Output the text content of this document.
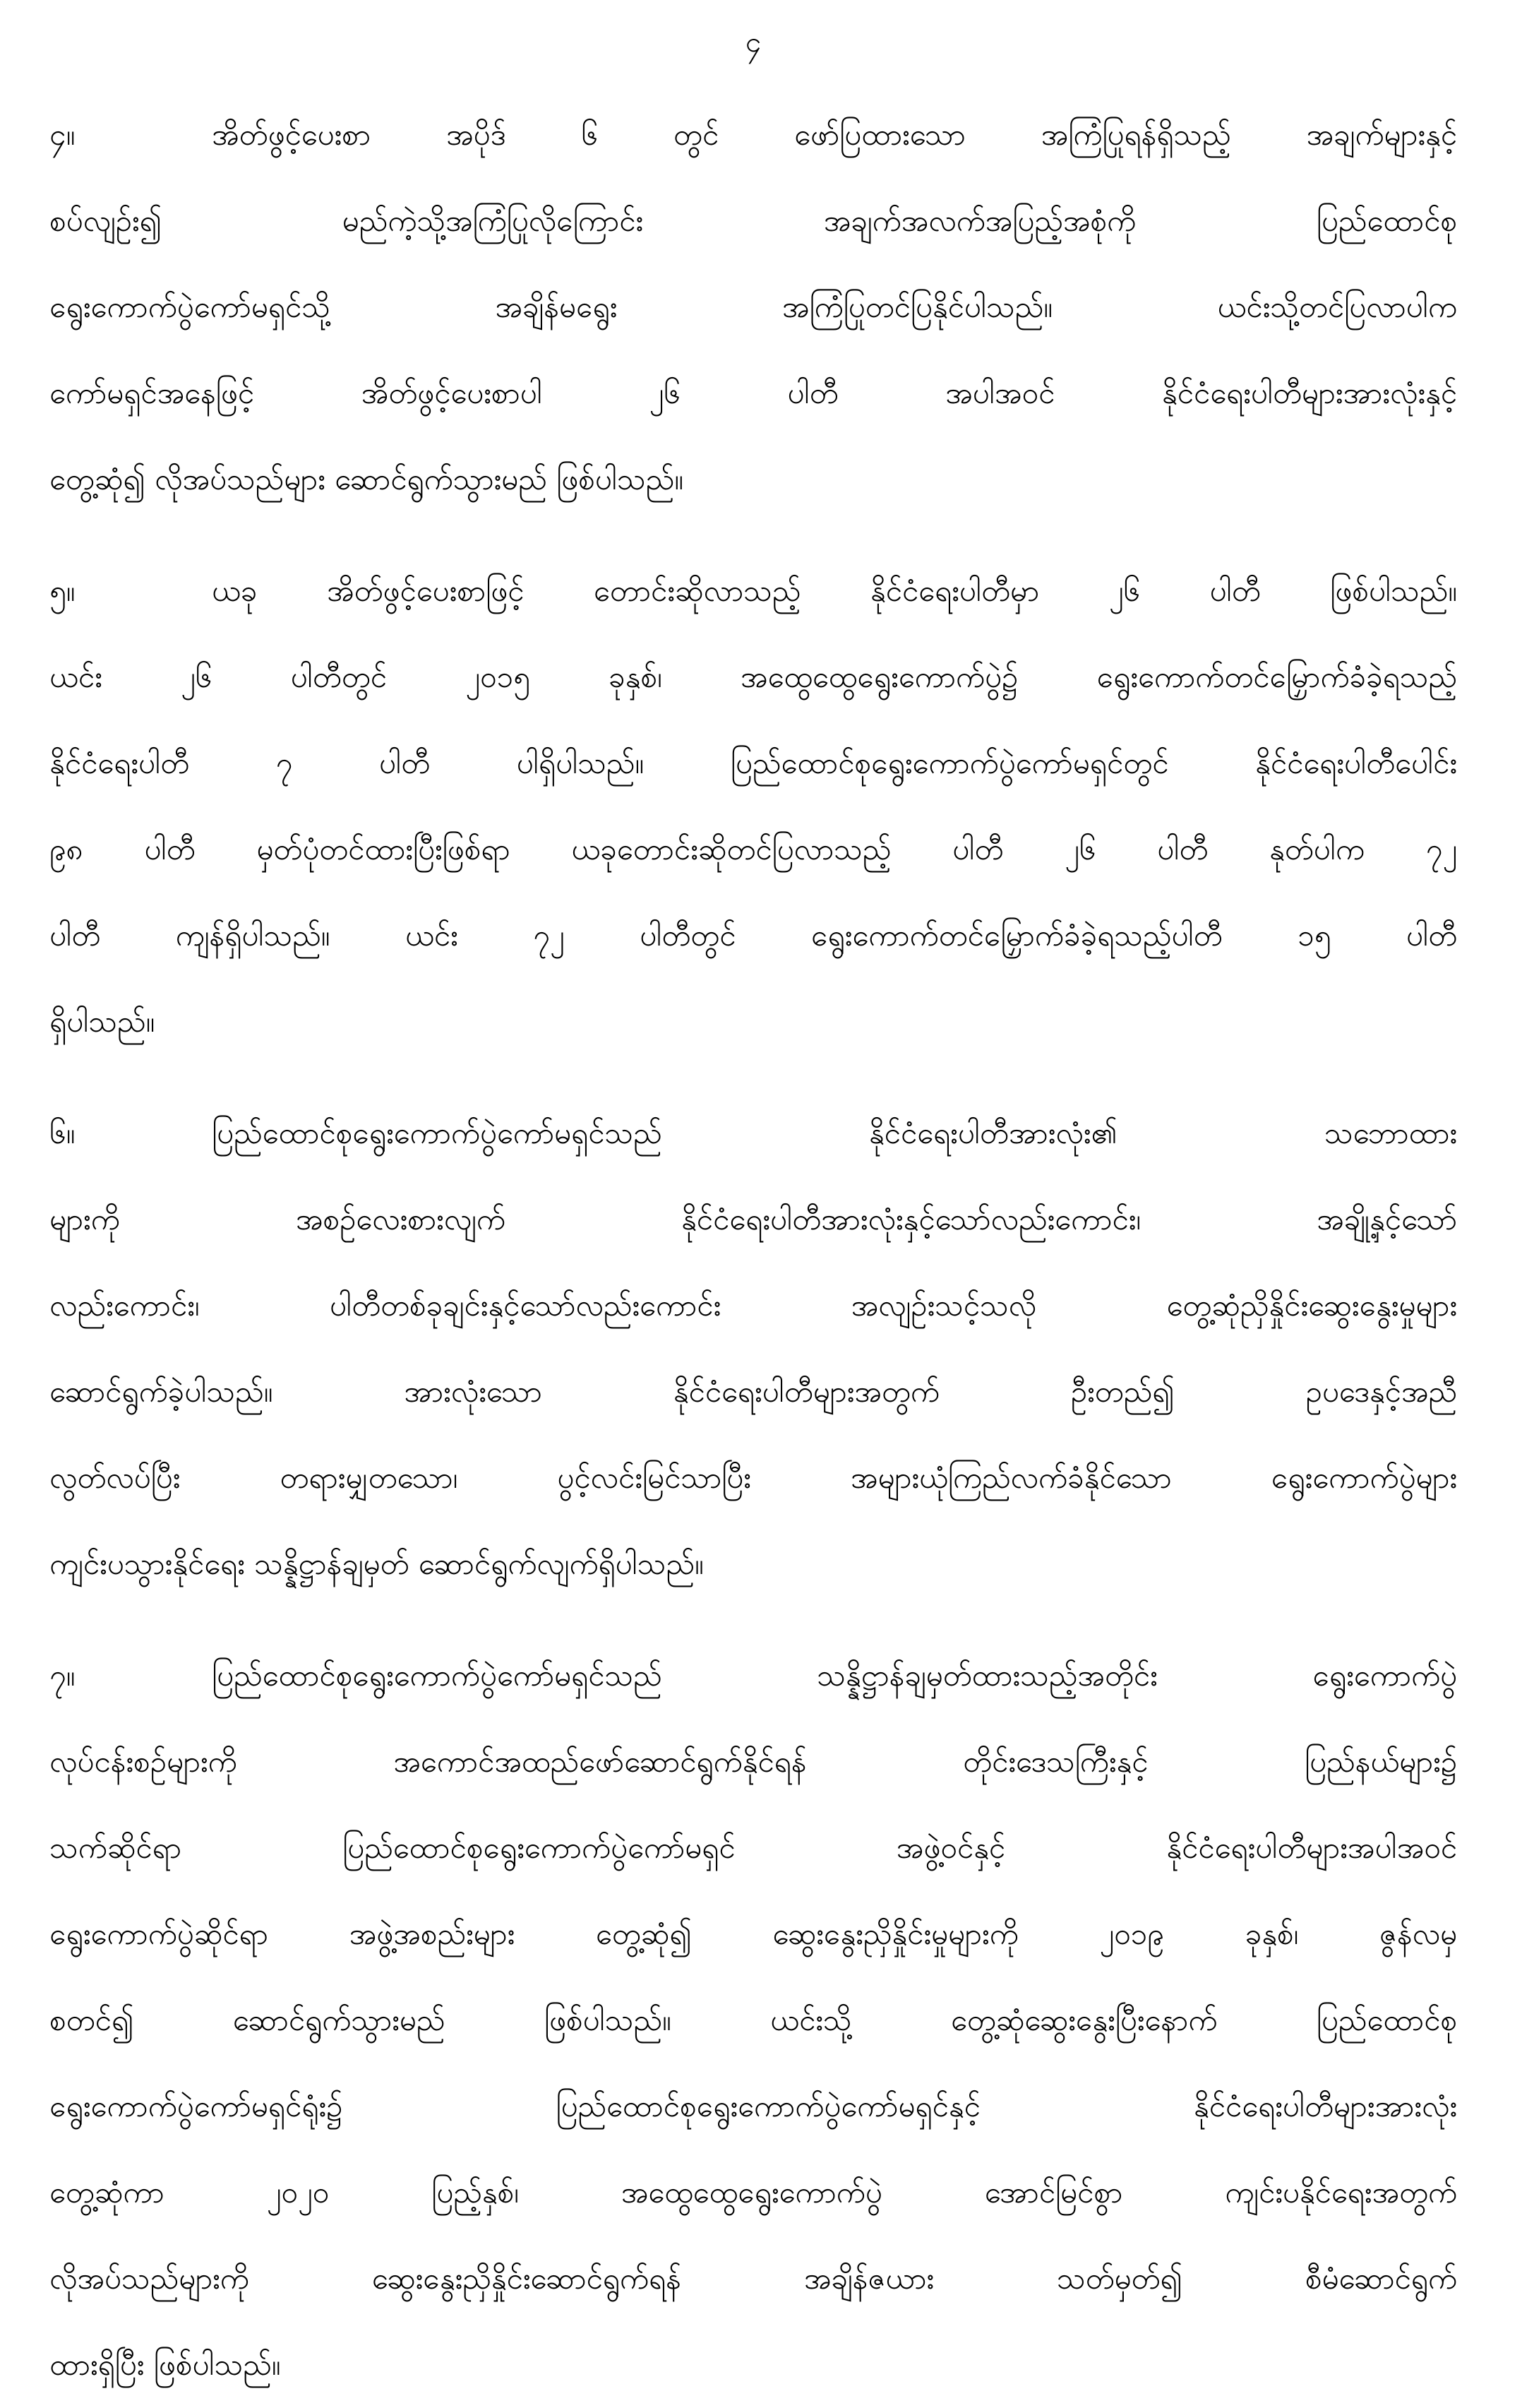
၄
၄။	အိတ်ဖွင့်ပေးစာ အပိုဒ် ၆ တွင် ဖော်ပြထားသော အကြံပြုရန်ရှိသည့် အချက်များနှင့်
စပ်လျဉ်း၍ မည်ကဲ့သို့အကြံပြုလိုကြောင်း အချက်အလက်အပြည့်အစုံကို ပြည်ထောင်စု
ရွေးကောက်ပွဲကော်မရှင်သို့ အချိန်မရွေး အကြံပြုတင်ပြနိုင်ပါသည်။ ယင်းသို့တင်ပြလာပါက
ကော်မရှင်အနေဖြင့် အိတ်ဖွင့်ပေးစာပါ ၂၆ ပါတီ အပါအဝင် နိုင်ငံရေးပါတီများအားလုံးနှင့်
တွေ့ဆုံ၍ လိုအပ်သည်များ ဆောင်ရွက်သွားမည် ဖြစ်ပါသည်။
၅။	ယခု အိတ်ဖွင့်ပေးစာဖြင့် တောင်းဆိုလာသည့် နိုင်ငံရေးပါတီမှာ ၂၆ ပါတီ ဖြစ်ပါသည်။
ယင်း ၂၆ ပါတီတွင် ၂၀၁၅ ခုနှစ်၊ အထွေထွေရွေးကောက်ပွဲ၌ ရွေးကောက်တင်မြှောက်ခံခဲ့ရသည့်
နိုင်ငံရေးပါတီ ၇ ပါတီ ပါရှိပါသည်။ ပြည်ထောင်စုရွေးကောက်ပွဲကော်မရှင်တွင် နိုင်ငံရေးပါတီပေါင်း
၉၈ ပါတီ မှတ်ပုံတင်ထားပြီးဖြစ်ရာ ယခုတောင်းဆိုတင်ပြလာသည့် ပါတီ ၂၆ ပါတီ နုတ်ပါက ၇၂
ပါတီ ကျန်ရှိပါသည်။ ယင်း ၇၂ ပါတီတွင် ရွေးကောက်တင်မြှောက်ခံခဲ့ရသည့်ပါတီ ၁၅ ပါတီ
ရှိပါသည်။
၆။	ပြည်ထောင်စုရွေးကောက်ပွဲကော်မရှင်သည် နိုင်ငံရေးပါတီအားလုံး၏ သဘောထား
များကို အစဉ်လေးစားလျက် နိုင်ငံရေးပါတီအားလုံးနှင့်သော်လည်းကောင်း၊ အချို့နှင့်သော်
လည်းကောင်း၊ ပါတီတစ်ခုချင်းနှင့်သော်လည်းကောင်း အလျဉ်းသင့်သလို တွေ့ဆုံညှိနှိုင်းဆွေးနွေးမှုများ
ဆောင်ရွက်ခဲ့ပါသည်။ အားလုံးသော နိုင်ငံရေးပါတီများအတွက် ဦးတည်၍ ဥပဒေနှင့်အညီ
လွတ်လပ်ပြီး တရားမျှတသော၊ ပွင့်လင်းမြင်သာပြီး အများယုံကြည်လက်ခံနိုင်သော ရွေးကောက်ပွဲများ
ကျင်းပသွားနိုင်ရေး သန္နိဋ္ဌာန်ချမှတ် ဆောင်ရွက်လျက်ရှိပါသည်။
၇။	ပြည်ထောင်စုရွေးကောက်ပွဲကော်မရှင်သည် သန္နိဋ္ဌာန်ချမှတ်ထားသည့်အတိုင်း ရွေးကောက်ပွဲ
လုပ်ငန်းစဉ်များကို အကောင်အထည်ဖော်ဆောင်ရွက်နိုင်ရန် တိုင်းဒေသကြီးနှင့် ပြည်နယ်များ၌
သက်ဆိုင်ရာ ပြည်ထောင်စုရွေးကောက်ပွဲကော်မရှင် အဖွဲ့ဝင်နှင့် နိုင်ငံရေးပါတီများအပါအဝင်
ရွေးကောက်ပွဲဆိုင်ရာ အဖွဲ့အစည်းများ တွေ့ဆုံ၍ ဆွေးနွေးညှိနှိုင်းမှုများကို ၂၀၁၉ ခုနှစ်၊ ဇွန်လမှ
စတင်၍ ဆောင်ရွက်သွားမည် ဖြစ်ပါသည်။ ယင်းသို့ တွေ့ဆုံဆွေးနွေးပြီးနောက် ပြည်ထောင်စု
ရွေးကောက်ပွဲကော်မရှင်ရုံး၌ ပြည်ထောင်စုရွေးကောက်ပွဲကော်မရှင်နှင့် နိုင်ငံရေးပါတီများအားလုံး
တွေ့ဆုံကာ ၂၀၂၀ ပြည့်နှစ်၊ အထွေထွေရွေးကောက်ပွဲ အောင်မြင်စွာ ကျင်းပနိုင်ရေးအတွက်
လိုအပ်သည်များကို ဆွေးနွေးညှိနှိုင်းဆောင်ရွက်ရန် အချိန်ဇယား သတ်မှတ်၍ စီမံဆောင်ရွက်
ထားရှိပြီး ဖြစ်ပါသည်။
